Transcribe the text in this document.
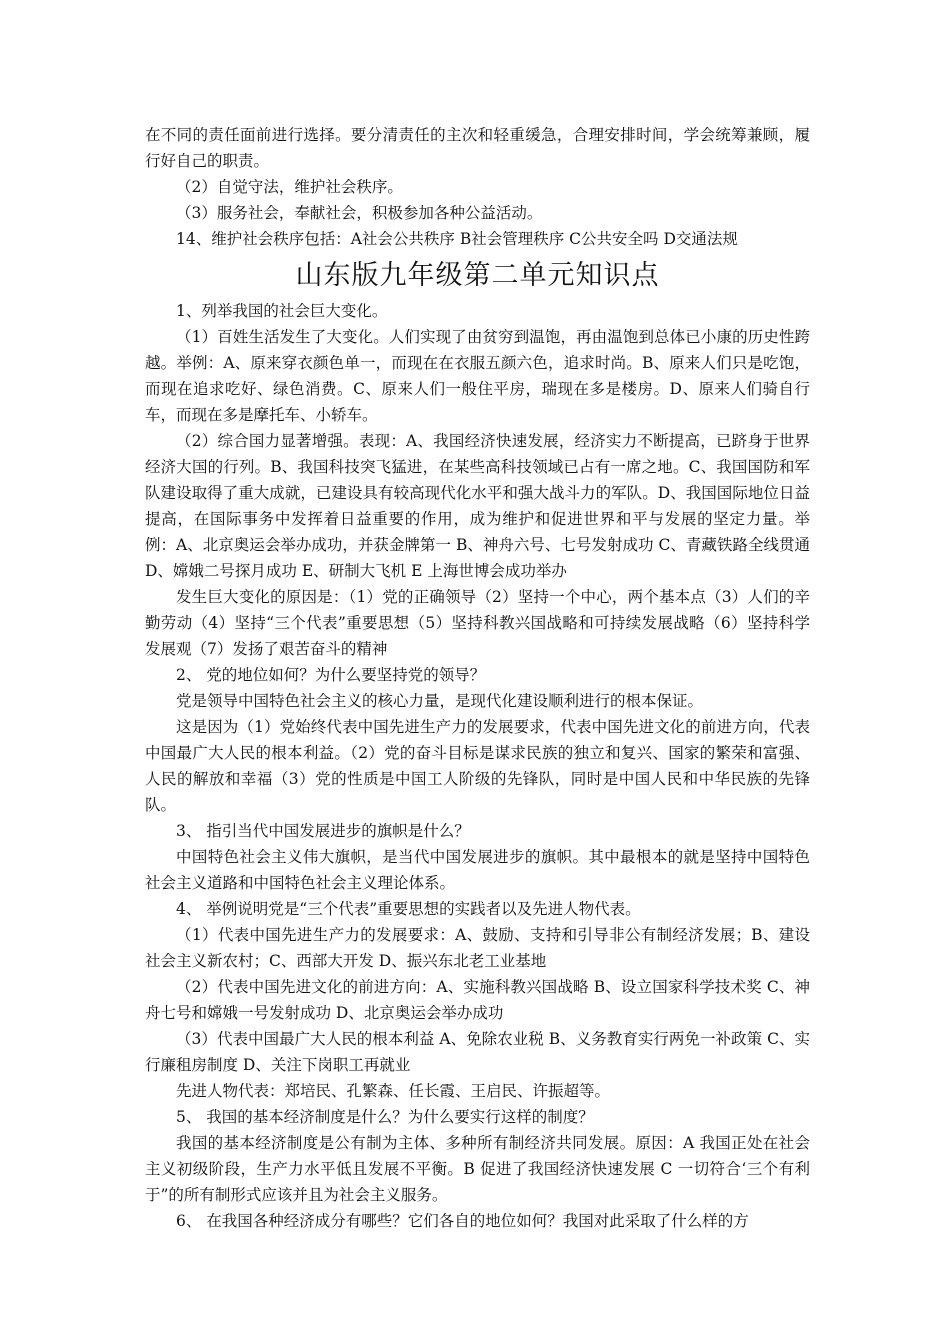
在不同的责任面前进行选择。要分清责任的主次和轻重缓急，合理安排时间，学会统筹兼顾，履行好自己的职责。

（2）自觉守法，维护社会秩序。

（3）服务社会，奉献社会，积极参加各种公益活动。

14、维护社会秩序包括：A社会公共秩序 B社会管理秩序 C公共安全吗 D交通法规

山东版九年级第二单元知识点

1、列举我国的社会巨大变化。

（1）百姓生活发生了大变化。人们实现了由贫穷到温饱，再由温饱到总体已小康的历史性跨越。举例：A、原来穿衣颜色单一，而现在在衣服五颜六色，追求时尚。B、原来人们只是吃饱，而现在追求吃好、绿色消费。C、原来人们一般住平房，瑞现在多是楼房。D、原来人们骑自行车，而现在多是摩托车、小轿车。

（2）综合国力显著增强。表现：A、我国经济快速发展，经济实力不断提高，已跻身于世界经济大国的行列。B、我国科技突飞猛进，在某些高科技领域已占有一席之地。C、我国国防和军队建设取得了重大成就，已建设具有较高现代化水平和强大战斗力的军队。D、我国国际地位日益提高，在国际事务中发挥着日益重要的作用，成为维护和促进世界和平与发展的坚定力量。举例：A、北京奥运会举办成功，并获金牌第一 B、神舟六号、七号发射成功 C、青藏铁路全线贯通 D、嫦娥二号探月成功 E、研制大飞机 E 上海世博会成功举办

发生巨大变化的原因是：（1）党的正确领导（2）坚持一个中心，两个基本点（3）人们的辛勤劳动（4）坚持“三个代表”重要思想（5）坚持科教兴国战略和可持续发展战略（6）坚持科学发展观（7）发扬了艰苦奋斗的精神

2、 党的地位如何？为什么要坚持党的领导？

党是领导中国特色社会主义的核心力量，是现代化建设顺利进行的根本保证。

这是因为（1）党始终代表中国先进生产力的发展要求，代表中国先进文化的前进方向，代表中国最广大人民的根本利益。（2）党的奋斗目标是谋求民族的独立和复兴、国家的繁荣和富强、人民的解放和幸福（3）党的性质是中国工人阶级的先锋队，同时是中国人民和中华民族的先锋队。

3、 指引当代中国发展进步的旗帜是什么？

中国特色社会主义伟大旗帜，是当代中国发展进步的旗帜。其中最根本的就是坚持中国特色社会主义道路和中国特色社会主义理论体系。

4、 举例说明党是“三个代表”重要思想的实践者以及先进人物代表。

（1）代表中国先进生产力的发展要求：A、鼓励、支持和引导非公有制经济发展；B、建设社会主义新农村；C、西部大开发 D、振兴东北老工业基地

（2）代表中国先进文化的前进方向：A、实施科教兴国战略 B、设立国家科学技术奖 C、神舟七号和嫦娥一号发射成功 D、北京奥运会举办成功

（3）代表中国最广大人民的根本利益 A、免除农业税 B、义务教育实行两免一补政策 C、实行廉租房制度 D、关注下岗职工再就业

先进人物代表：郑培民、孔繁森、任长霞、王启民、许振超等。

5、 我国的基本经济制度是什么？为什么要实行这样的制度？

我国的基本经济制度是公有制为主体、多种所有制经济共同发展。原因：A 我国正处在社会主义初级阶段，生产力水平低且发展不平衡。B 促进了我国经济快速发展 C 一切符合‘三个有利于”的所有制形式应该并且为社会主义服务。

6、 在我国各种经济成分有哪些？它们各自的地位如何？我国对此采取了什么样的方
